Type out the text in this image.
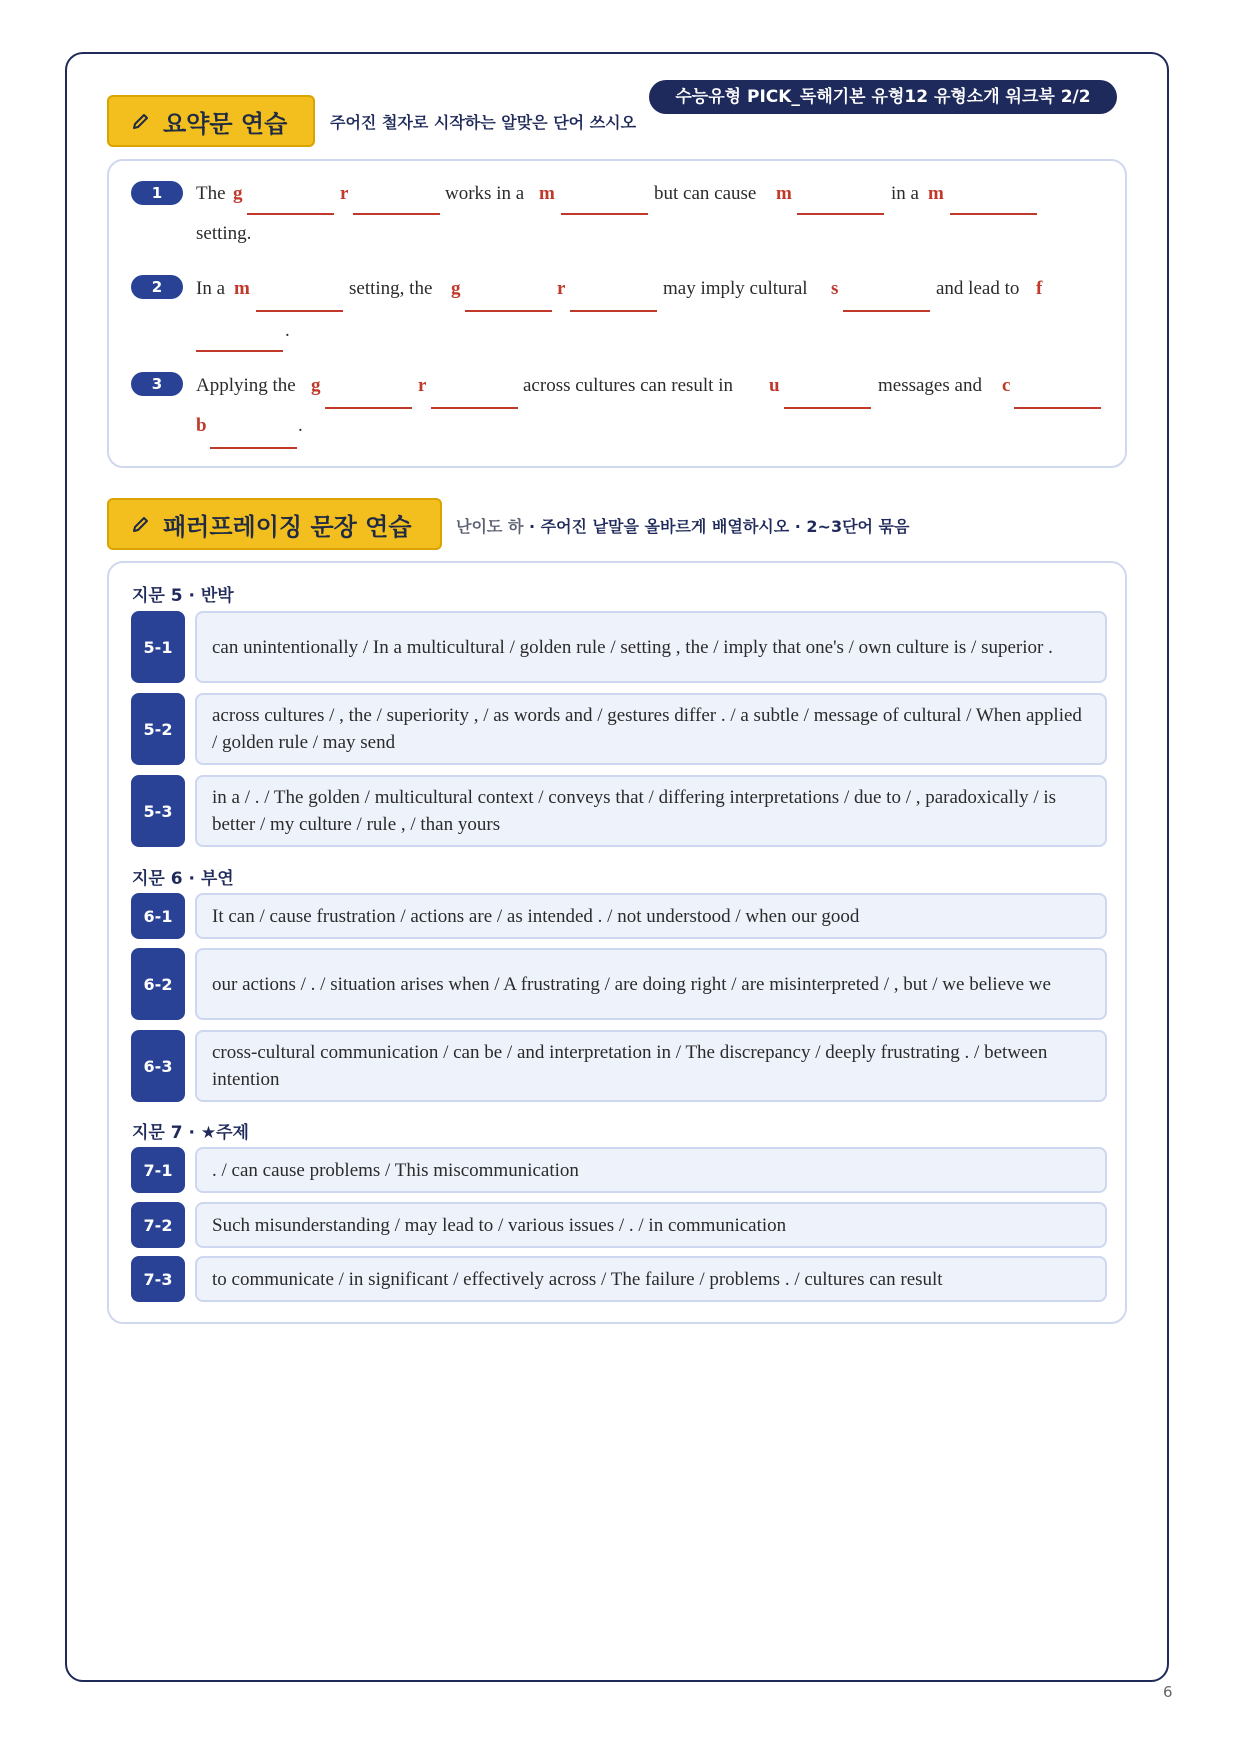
수능유형 PICK_독해기본 유형12 유형소개 워크북 2/2
요약문 연습	주어진 철자로 시작하는 알맞은 단어 쓰시오
1	The g	r	works in a m	but can cause m	in a m
setting.
2	In a m	setting, the g	r	may imply cultural s	and lead to f
.
3	Applying the g	r	across cultures can result in u	messages and c
b	.
패러프레이징 문장 연습	난이도 하 · 주어진 낱말을 올바르게 배열하시오 · 2~3단어 묶음
지문 5 · 반박
5-1	can unintentionally / In a multicultural / golden rule / setting , the / imply that one's / own culture is / superior .
5-2
across cultures / , the / superiority , / as words and / gestures differ . / a subtle / message of cultural / When applied / golden rule / may send
5-3
in a / . / The golden / multicultural context / conveys that / differing interpretations / due to / , paradoxically / is better / my culture / rule , / than yours
지문 6 · 부연
6-1	It can / cause frustration / actions are / as intended . / not understood / when our good
6-2	our actions / . / situation arises when / A frustrating / are doing right / are misinterpreted / , but / we believe we
6-3
cross-cultural communication / can be / and interpretation in / The discrepancy / deeply frustrating . / between intention
지문 7 · ★주제
7-1	. / can cause problems / This miscommunication
7-2	Such misunderstanding / may lead to / various issues / . / in communication
7-3	to communicate / in significant / effectively across / The failure / problems . / cultures can result
6
